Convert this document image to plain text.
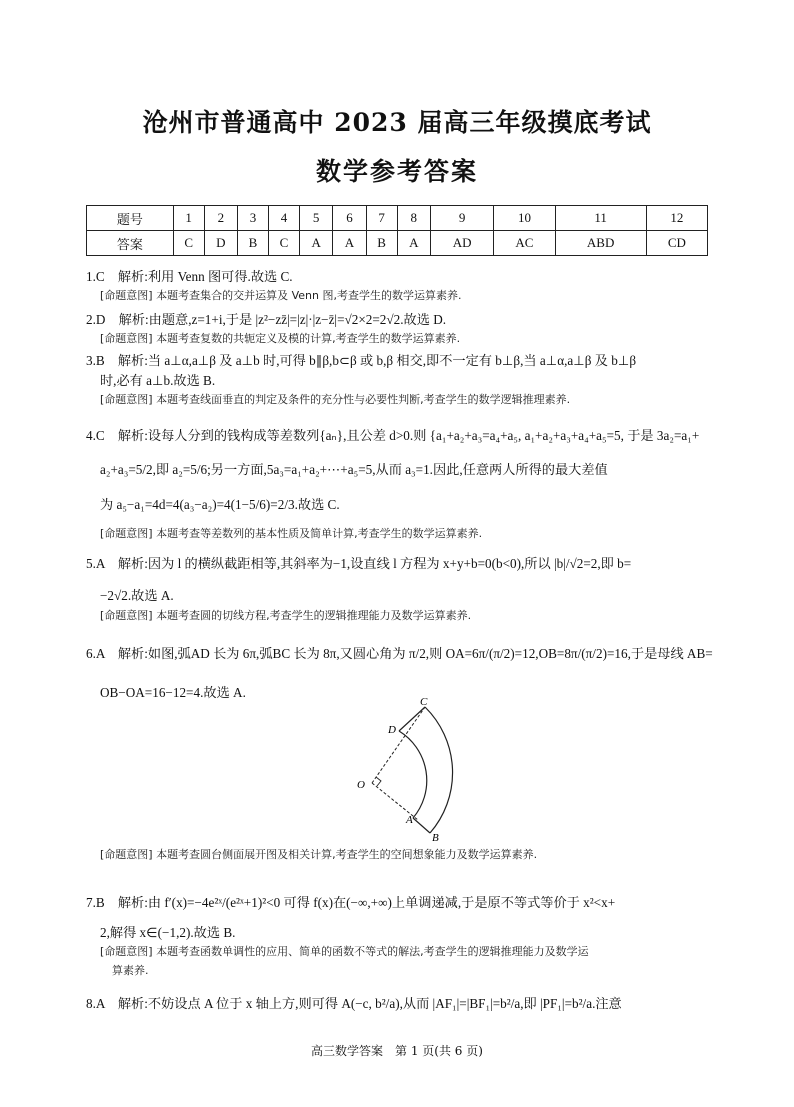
沧州市普通高中 2023 届高三年级摸底考试
数学参考答案
题号	1	2	3	4	5	6	7	8	9	10	11	12
答案	C	D	B	C	A	A	B	A	AD	AC	ABD	CD
1.C　解析:利用 Venn 图可得.故选 C.
[命题意图] 本题考查集合的交并运算及 Venn 图,考查学生的数学运算素养.
2.D　解析:由题意,z=1+i,于是 |z²−zz̄|=|z|·|z−z̄|=√2×2=2√2.故选 D.
[命题意图] 本题考查复数的共轭定义及模的计算,考查学生的数学运算素养.
3.B　解析:当 a⊥α,a⊥β 及 a⊥b 时,可得 b∥β,b⊂β 或 b,β 相交,即不一定有 b⊥β,当 a⊥α,a⊥β 及 b⊥β
时,必有 a⊥b.故选 B.
[命题意图] 本题考查线面垂直的判定及条件的充分性与必要性判断,考查学生的数学逻辑推理素养.
4.C　解析:设每人分到的钱构成等差数列{aₙ},且公差 d>0.则 {a₁+a₂+a₃=a₄+a₅, a₁+a₂+a₃+a₄+a₅=5, 于是 3a₂=a₁+
a₂+a₃=5/2,即 a₂=5/6;另一方面,5a₃=a₁+a₂+⋯+a₅=5,从而 a₃=1.因此,任意两人所得的最大差值
为 a₅−a₁=4d=4(a₃−a₂)=4(1−5/6)=2/3.故选 C.
[命题意图] 本题考查等差数列的基本性质及简单计算,考查学生的数学运算素养.
5.A　解析:因为 l 的横纵截距相等,其斜率为−1,设直线 l 方程为 x+y+b=0(b<0),所以 |b|/√2=2,即 b=
−2√2.故选 A.
[命题意图] 本题考查圆的切线方程,考查学生的逻辑推理能力及数学运算素养.
6.A　解析:如图,弧AD 长为 6π,弧BC 长为 8π,又圆心角为 π/2,则 OA=6π/(π/2)=12,OB=8π/(π/2)=16,于是母线 AB=
OB−OA=16−12=4.故选 A.
C
D
O
A
B
[命题意图] 本题考查圆台侧面展开图及相关计算,考查学生的空间想象能力及数学运算素养.
7.B　解析:由 f′(x)=−4e²ˣ/(e²ˣ+1)²<0 可得 f(x)在(−∞,+∞)上单调递减,于是原不等式等价于 x²<x+
2,解得 x∈(−1,2).故选 B.
[命题意图] 本题考查函数单调性的应用、简单的函数不等式的解法,考查学生的逻辑推理能力及数学运
算素养.
8.A　解析:不妨设点 A 位于 x 轴上方,则可得 A(−c, b²/a),从而 |AF₁|=|BF₁|=b²/a,即 |PF₁|=b²/a.注意
高三数学答案　第 1 页(共 6 页)
